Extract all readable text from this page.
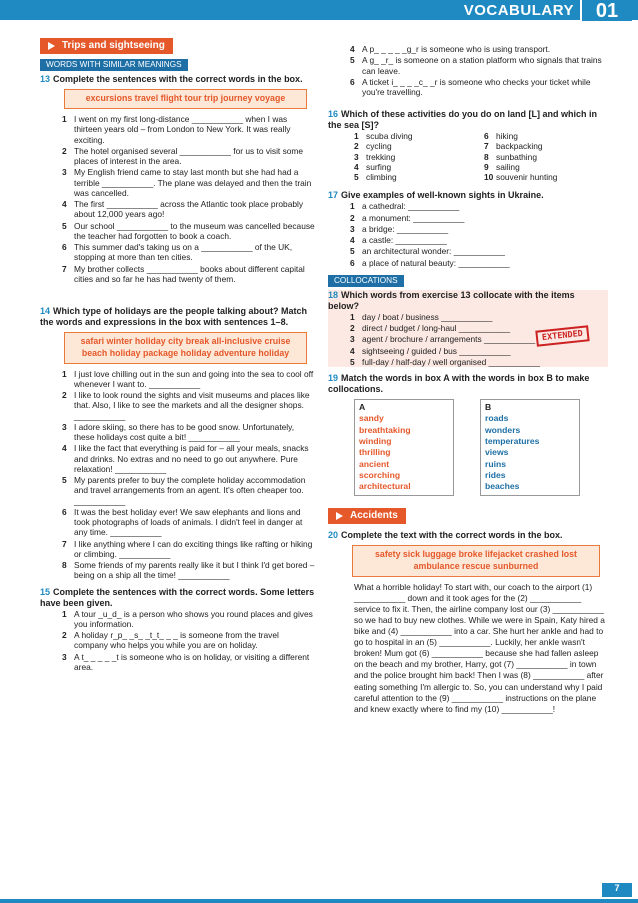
VOCABULARY	01
Trips and sightseeing
WORDS WITH SIMILAR MEANINGS
13 Complete the sentences with the correct words in the box.
excursions travel flight tour trip journey voyage
1 I went on my first long-distance ___________ when I was thirteen years old – from London to New York. It was really exciting.
2 The hotel organised several ___________ for us to visit some places of interest in the area.
3 My English friend came to stay last month but she had had a terrible ___________. The plane was delayed and then the train was cancelled.
4 The first ___________ across the Atlantic took place probably about 12,000 years ago!
5 Our school ___________ to the museum was cancelled because the teacher had forgotten to book a coach.
6 This summer dad's taking us on a ___________ of the UK, stopping at more than ten cities.
7 My brother collects ___________ books about different capital cities and so far he has had twenty of them.
14 Which type of holidays are the people talking about? Match the words and expressions in the box with sentences 1–8.
safari winter holiday city break all-inclusive cruise beach holiday package holiday adventure holiday
1 I just love chilling out in the sun and going into the sea to cool off whenever I want to. ___________
2 I like to look round the sights and visit museums and places like that. Also, I like to see the markets and all the designer shops. ___________
3 I adore skiing, so there has to be good snow. Unfortunately, these holidays cost quite a bit! ___________
4 I like the fact that everything is paid for – all your meals, snacks and drinks. No extras and no need to go out anywhere. Pure relaxation! ___________
5 My parents prefer to buy the complete holiday accommodation and travel arrangements from an agent. It's often cheaper too. ___________
6 It was the best holiday ever! We saw elephants and lions and took photographs of loads of animals. I didn't feel in danger at any time. ___________
7 I like anything where I can do exciting things like rafting or hiking or climbing. ___________
8 Some friends of my parents really like it but I think I'd get bored – being on a ship all the time! ___________
15 Complete the sentences with the correct words. Some letters have been given.
1 A tour _u_d_ is a person who shows you round places and gives you information.
2 A holiday r_p_ _s_ _t_t_ _ _ is someone from the travel company who helps you while you are on holiday.
3 A t_ _ _ _ _t is someone who is on holiday, or visiting a different area.
4 A p_ _ _ _ _g_r is someone who is using transport.
5 A g_ _r_ is someone on a station platform who signals that trains can leave.
6 A ticket i_ _ _ _c_ _r is someone who checks your ticket while you're travelling.
16 Which of these activities do you do on land [L] and which in the sea [S]?
1 scuba diving	6 hiking
2 cycling	7 backpacking
3 trekking	8 sunbathing
4 surfing	9 sailing
5 climbing	10 souvenir hunting
17 Give examples of well-known sights in Ukraine.
1 a cathedral: ___________
2 a monument: ___________
3 a bridge: ___________
4 a castle: ___________
5 an architectural wonder: ___________
6 a place of natural beauty: ___________
COLLOCATIONS
18 Which words from exercise 13 collocate with the items below?
1 day / boat / business ___________
2 direct / budget / long-haul ___________
3 agent / brochure / arrangements ___________
4 sightseeing / guided / bus ___________
5 full-day / half-day / well organised ___________
19 Match the words in box A with the words in box B to make collocations.
A
sandy
breathtaking
winding
thrilling
ancient
scorching
architectural
B
roads
wonders
temperatures
views
ruins
rides
beaches
Accidents
20 Complete the text with the correct words in the box.
safety sick luggage broke lifejacket crashed lost ambulance rescue sunburned
What a horrible holiday! To start with, our coach to the airport (1) ___________ down and it took ages for the (2) ___________ service to fix it. Then, the airline company lost our (3) ___________ so we had to buy new clothes. While we were in Spain, Katy hired a bike and (4) ___________ into a car. She hurt her ankle and had to go to hospital in an (5) ___________. Luckily, her ankle wasn't broken! Mum got (6) ___________ because she had fallen asleep on the beach and my brother, Harry, got (7) ___________ in town and the police brought him back! Then I was (8) ___________ after eating something I'm allergic to. So, you can understand why I paid careful attention to the (9) ___________ instructions on the plane and knew exactly where to find my (10) ___________!
EXTENDED
7
